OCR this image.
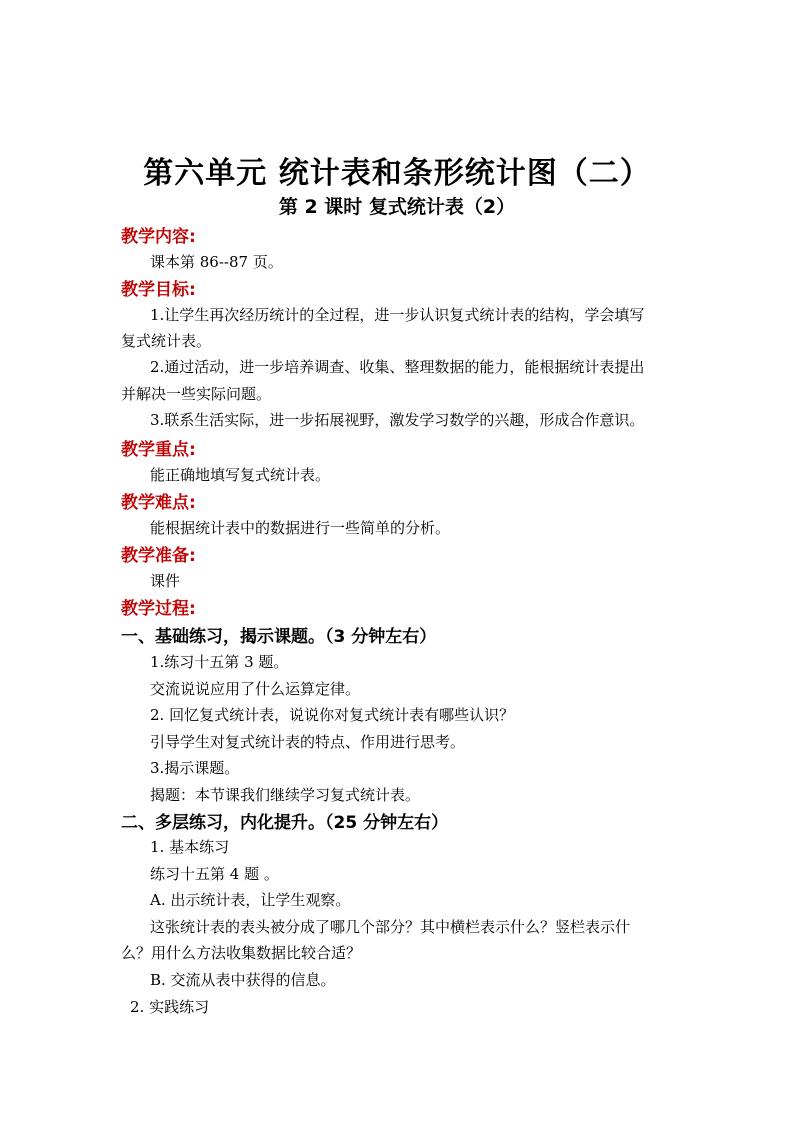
第六单元 统计表和条形统计图（二）
第 2 课时 复式统计表（2）
教学内容:
课本第 86--87 页。
教学目标:
1.让学生再次经历统计的全过程，进一步认识复式统计表的结构，学会填写
复式统计表。
2.通过活动，进一步培养调查、收集、整理数据的能力，能根据统计表提出
并解决一些实际问题。
3.联系生活实际，进一步拓展视野，激发学习数学的兴趣，形成合作意识。
教学重点:
能正确地填写复式统计表。
教学难点:
能根据统计表中的数据进行一些简单的分析。
教学准备:
课件
教学过程:
一、基础练习，揭示课题。（3 分钟左右）
1.练习十五第 3 题。
交流说说应用了什么运算定律。
2. 回忆复式统计表，说说你对复式统计表有哪些认识？
引导学生对复式统计表的特点、作用进行思考。
3.揭示课题。
揭题：本节课我们继续学习复式统计表。
二、多层练习，内化提升。（25 分钟左右）
1. 基本练习
练习十五第 4 题 。
A. 出示统计表，让学生观察。
这张统计表的表头被分成了哪几个部分？其中横栏表示什么？竖栏表示什
么？用什么方法收集数据比较合适？
B. 交流从表中获得的信息。
2. 实践练习
